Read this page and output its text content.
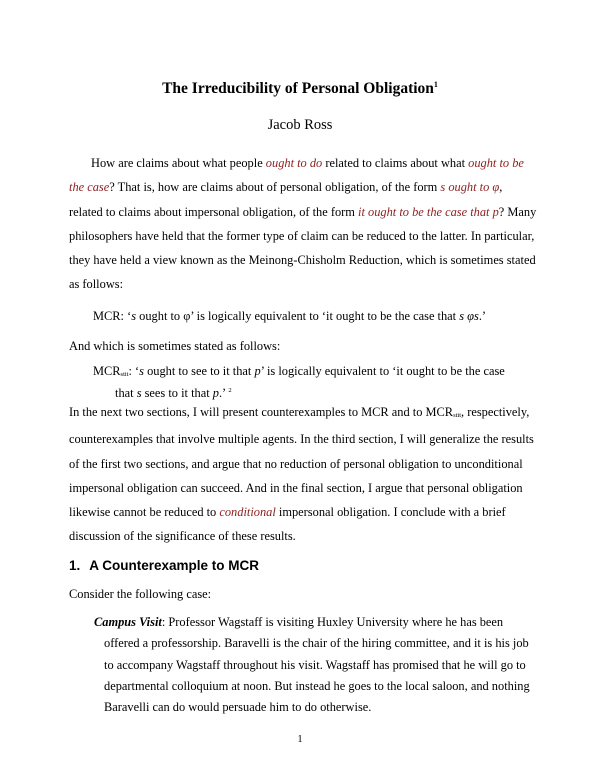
The Irreducibility of Personal Obligation$^1$
Jacob Ross

How are claims about what people ought to do related to claims about what ought to be the case? That is, how are claims about of personal obligation, of the form s ought to φ, related to claims about impersonal obligation, of the form it ought to be the case that p? Many philosophers have held that the former type of claim can be reduced to the latter. In particular, they have held a view known as the Meinong-Chisholm Reduction, which is sometimes stated as follows:

MCR: ‘s ought to φ’ is logically equivalent to ‘it ought to be the case that s φs.’

And which is sometimes stated as follows:

$MCR_{stit}$: ‘s ought to see to it that p’ is logically equivalent to ‘it ought to be the case
that s sees to it that p.’ $^2$

In the next two sections, I will present counterexamples to MCR and to $MCR_{stit}$, respectively, counterexamples that involve multiple agents. In the third section, I will generalize the results of the first two sections, and argue that no reduction of personal obligation to unconditional impersonal obligation can succeed. And in the final section, I argue that personal obligation likewise cannot be reduced to conditional impersonal obligation. I conclude with a brief discussion of the significance of these results.

1. A Counterexample to MCR

Consider the following case:

Campus Visit: Professor Wagstaff is visiting Huxley University where he has been offered a professorship. Baravelli is the chair of the hiring committee, and it is his job to accompany Wagstaff throughout his visit. Wagstaff has promised that he will go to departmental colloquium at noon. But instead he goes to the local saloon, and nothing Baravelli can do would persuade him to do otherwise.

1
